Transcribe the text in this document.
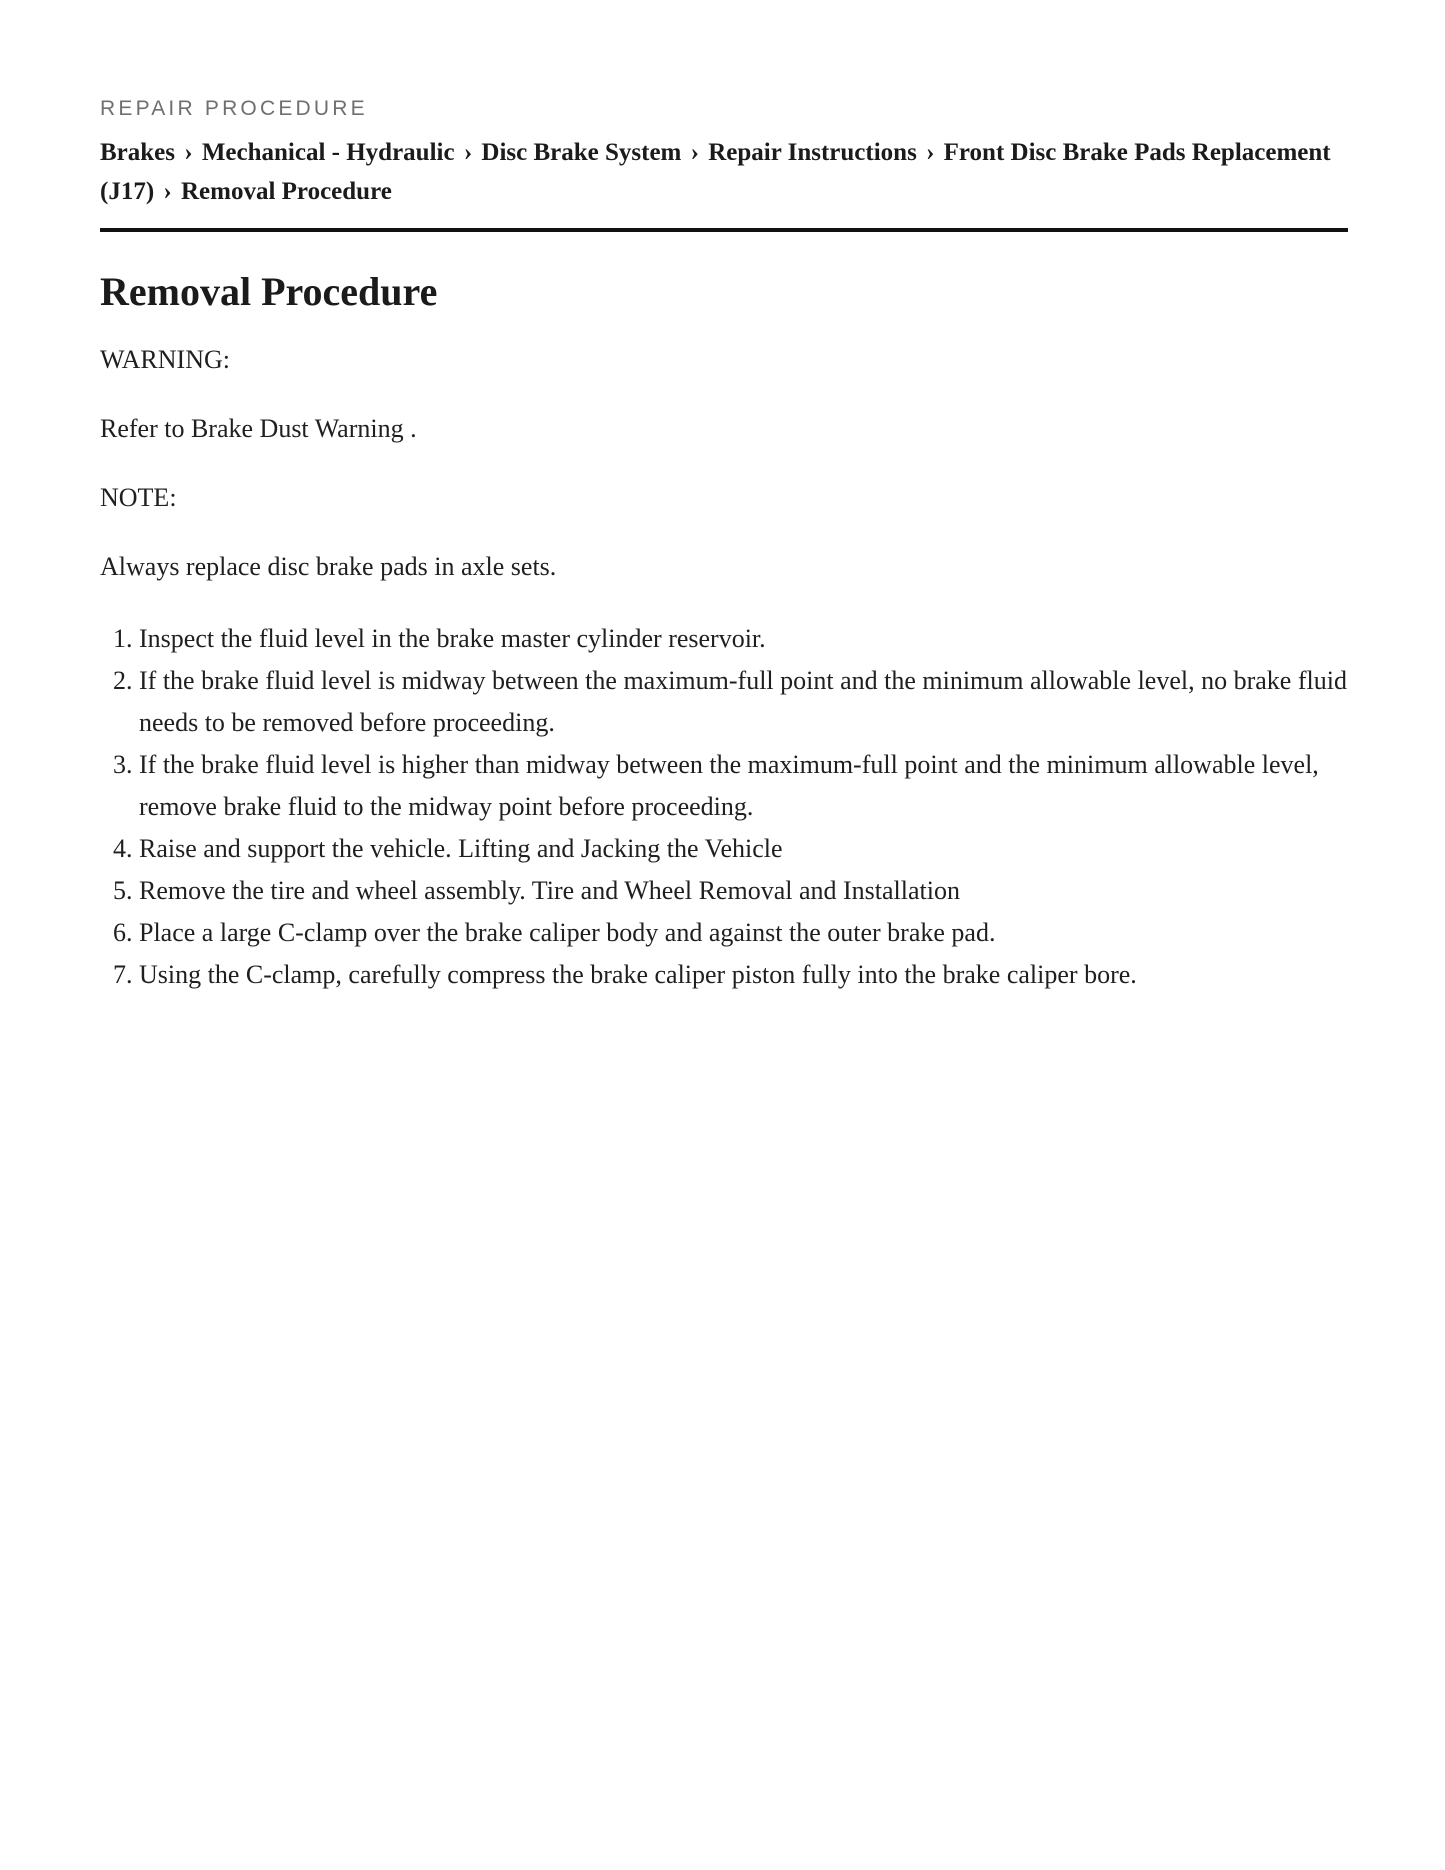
REPAIR PROCEDURE
Brakes › Mechanical - Hydraulic › Disc Brake System › Repair Instructions › Front Disc Brake Pads Replacement (J17) › Removal Procedure
Removal Procedure

WARNING:

Refer to Brake Dust Warning .

NOTE:

Always replace disc brake pads in axle sets.

1. Inspect the fluid level in the brake master cylinder reservoir.
2. If the brake fluid level is midway between the maximum-full point and the minimum allowable level, no brake fluid needs to be removed before proceeding.
3. If the brake fluid level is higher than midway between the maximum-full point and the minimum allowable level, remove brake fluid to the midway point before proceeding.
4. Raise and support the vehicle. Lifting and Jacking the Vehicle
5. Remove the tire and wheel assembly. Tire and Wheel Removal and Installation
6. Place a large C-clamp over the brake caliper body and against the outer brake pad.
7. Using the C-clamp, carefully compress the brake caliper piston fully into the brake caliper bore.
